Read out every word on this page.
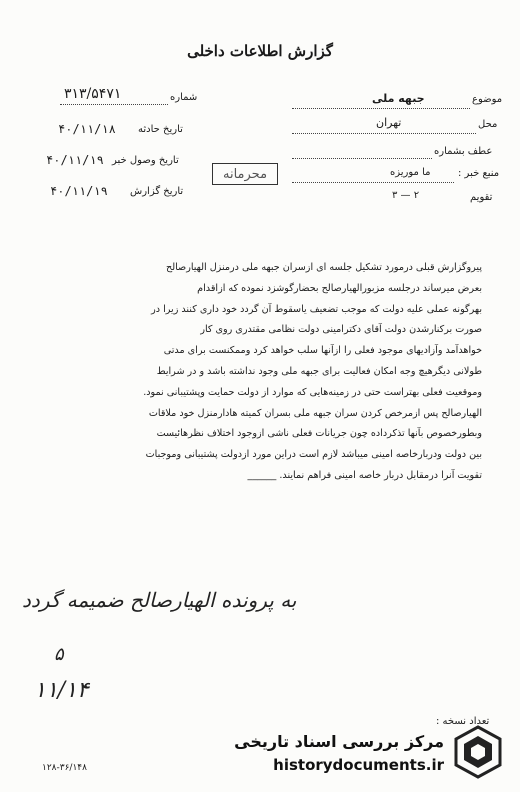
گزارش اطلاعات داخلی
شماره
۳۱۳/۵۴۷۱
تاریخ حادثه
۴۰/۱۱/۱۸
تاریخ وصول خبر
۴۰/۱۱/۱۹
تاریخ گزارش
۴۰/۱۱/۱۹
محرمانه
موضوع
جبهه ملی
محل
تهران
عطف بشماره
منبع خبر :
ما موریزه
تقویم
۳ — ۲

پیروگزارش قبلی درمورد تشکیل جلسه ای ازسران جبهه ملی درمنزل الهیارصالح

بعرض میرساند درجلسه مزبورالهیارصالح بحضارگوشزد نموده که ازاقدام

بهرگونه عملی علیه دولت که موجب تضعیف یاسقوط آن گردد خود داری کنند زیرا در

صورت برکنارشدن دولت آقای دکترامینی دولت نظامی مقتدری روی کار

خواهدآمد وآزادیهای موجود فعلی را ازآنها سلب خواهد کرد وممکنست برای مدتی

طولانی دیگرهیچ وجه امکان فعالیت برای جبهه ملی وجود نداشته باشد و در شرایط

وموقعیت فعلی بهتراست حتی در زمینه‌هایی که موارد از دولت حمایت وپشتیبانی نمود.

الهیارصالح پس ازمرخص کردن سران جبهه ملی بسران کمیته هادارمنزل خود ملاقات

وبطورخصوص بآنها تذکرداده چون جریانات فعلی ناشی ازوجود اختلاف نظرهائیست

بین دولت ودربارخاصه امینی میباشد لازم است دراین مورد ازدولت پشتیبانی وموجبات

تقویت آنرا درمقابل دربار خاصه امینی فراهم نمایند. ______

به پرونده الهیارصالح ضمیمه گردد
۵
۱۱/۱۴
تعداد نسخه :
۱۲۸-۳۶/۱۴۸
مرکز بررسی اسناد تاریخی
historydocuments.ir
